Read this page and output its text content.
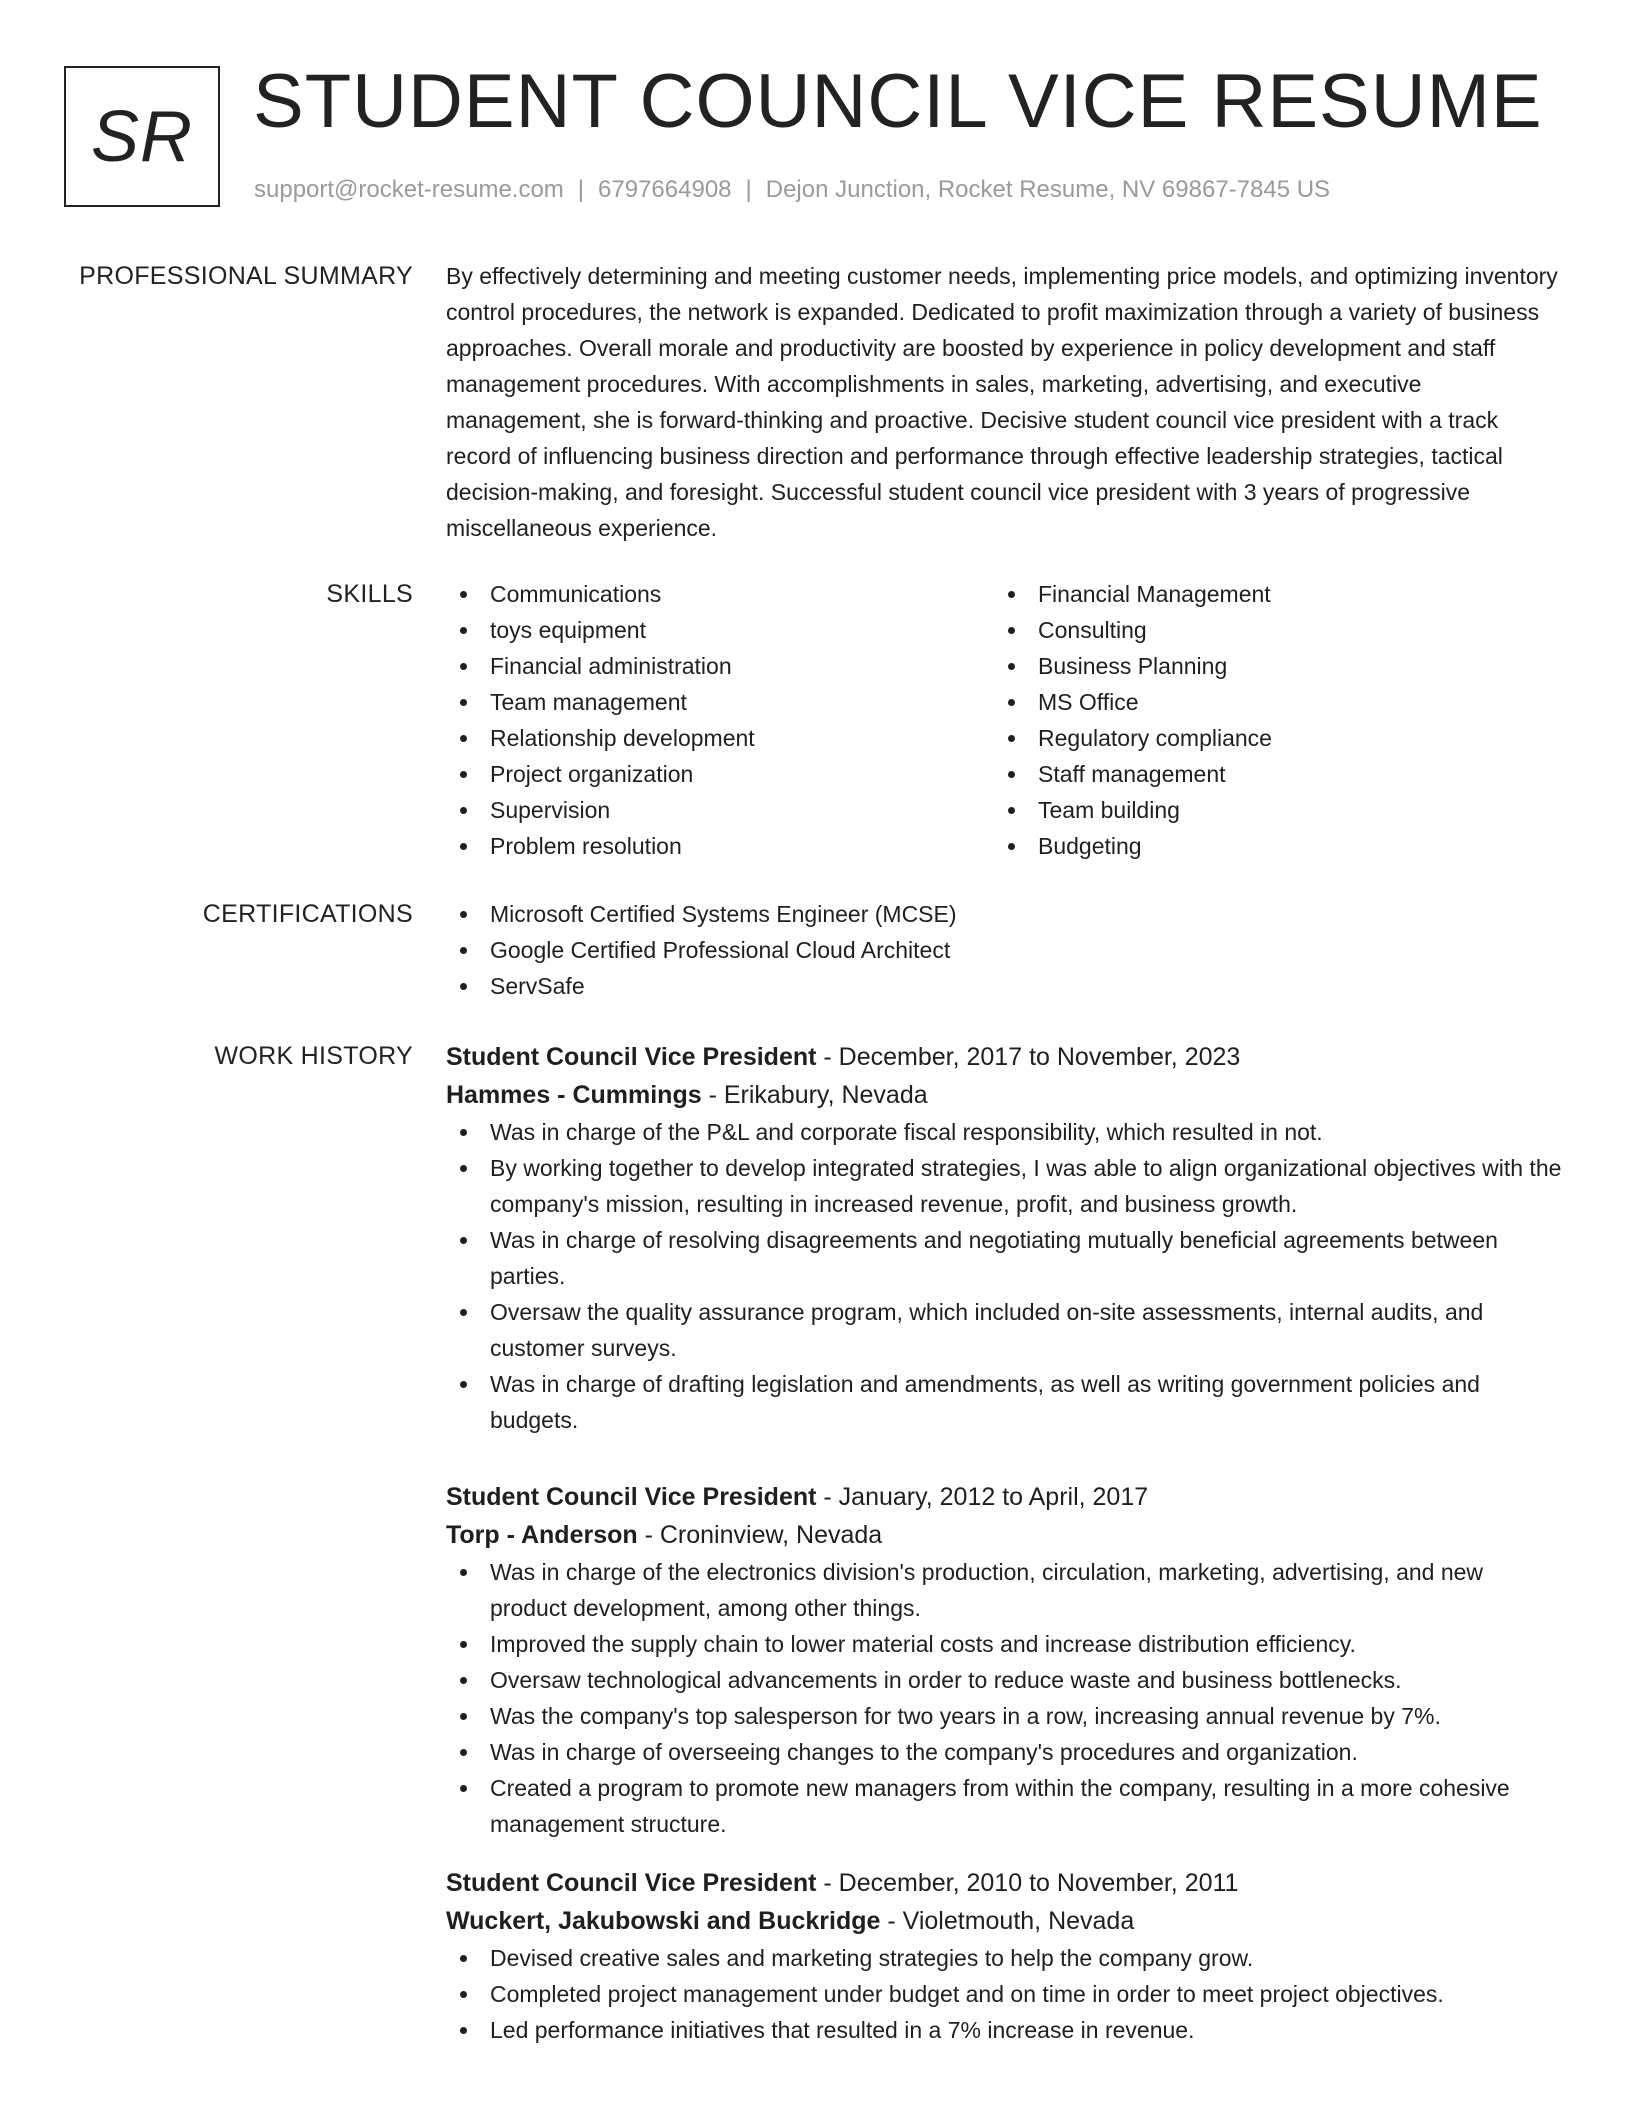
SR STUDENT COUNCIL VICE RESUME
support@rocket-resume.com | 6797664908 | Dejon Junction, Rocket Resume, NV 69867-7845 US
PROFESSIONAL SUMMARY By effectively determining and meeting customer needs, implementing price models, and optimizing inventory control procedures, the network is expanded. Dedicated to profit maximization through a variety of business approaches. Overall morale and productivity are boosted by experience in policy development and staff management procedures. With accomplishments in sales, marketing, advertising, and executive management, she is forward-thinking and proactive. Decisive student council vice president with a track record of influencing business direction and performance through effective leadership strategies, tactical decision-making, and foresight. Successful student council vice president with 3 years of progressive miscellaneous experience.

SKILLS	Communications
toys equipment
Financial administration
Team management
Relationship development
Project organization
Supervision
Problem resolution
Financial Management
Consulting
Business Planning
MS Office
Regulatory compliance
Staff management
Team building
Budgeting
CERTIFICATIONS	Microsoft Certified Systems Engineer (MCSE)
Google Certified Professional Cloud Architect
ServSafe
WORK HISTORY Student Council Vice President - December, 2017 to November, 2023
Hammes - Cummings - Erikabury, Nevada
Was in charge of the P&L and corporate fiscal responsibility, which resulted in not.
By working together to develop integrated strategies, I was able to align organizational objectives with the company's mission, resulting in increased revenue, profit, and business growth.
Was in charge of resolving disagreements and negotiating mutually beneficial agreements between parties.
Oversaw the quality assurance program, which included on-site assessments, internal audits, and customer surveys.
Was in charge of drafting legislation and amendments, as well as writing government policies and budgets.
Student Council Vice President - January, 2012 to April, 2017
Torp - Anderson - Croninview, Nevada
Was in charge of the electronics division's production, circulation, marketing, advertising, and new product development, among other things.
Improved the supply chain to lower material costs and increase distribution efficiency.
Oversaw technological advancements in order to reduce waste and business bottlenecks.
Was the company's top salesperson for two years in a row, increasing annual revenue by 7%.
Was in charge of overseeing changes to the company's procedures and organization.
Created a program to promote new managers from within the company, resulting in a more cohesive management structure.
Student Council Vice President - December, 2010 to November, 2011
Wuckert, Jakubowski and Buckridge - Violetmouth, Nevada
Devised creative sales and marketing strategies to help the company grow.
Completed project management under budget and on time in order to meet project objectives.
Led performance initiatives that resulted in a 7% increase in revenue.
